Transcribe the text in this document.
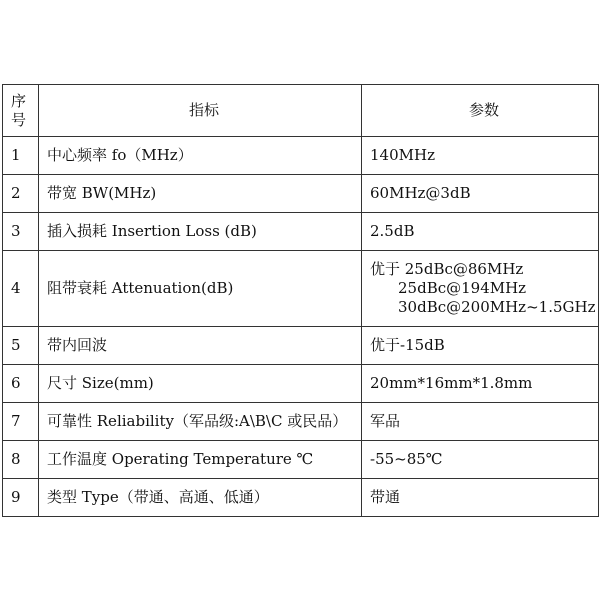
序
号	指标	参数
1	中心频率 fo（MHz）	140MHz
2	带宽 BW(MHz)	60MHz@3dB
3	插入损耗 Insertion Loss (dB)	2.5dB
4	阻带衰耗 Attenuation(dB)	优于 25dBc@86MHz
25dBc@194MHz
30dBc@200MHz~1.5GHz

5	带内回波	优于-15dB
6	尺寸 Size(mm)	20mm*16mm*1.8mm
7	可靠性 Reliability（军品级:A\B\C 或民品）	军品
8	工作温度 Operating Temperature ℃	-55~85℃
9	类型 Type（带通、高通、低通）	带通
